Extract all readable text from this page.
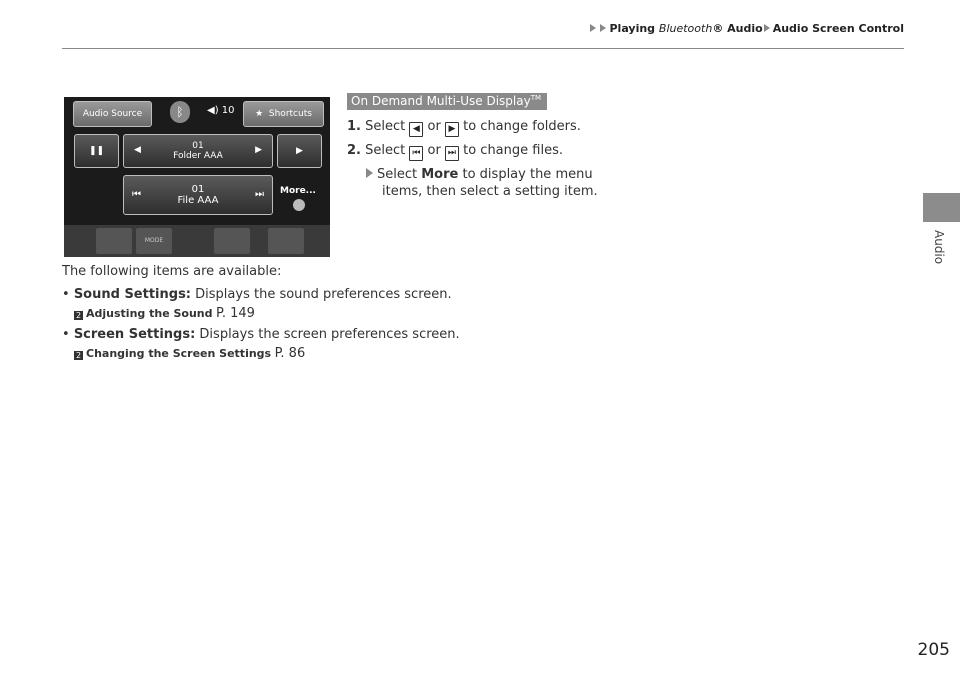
Playing Bluetooth® Audio Audio Screen Control
Audio
205
Audio Source	ᛒ	◀) 10 ★
Shortcuts
❚❚	◀	01
Folder AAA
▶	▶
⏮	01
File AAA
⏭ More...
MODE
On Demand Multi-Use Display™
1. Select ◀ or ▶ to change folders.
2. Select ⏮ or ⏭ to change files.
Select More to display the menu
items, then select a setting item.
The following items are available:
• Sound Settings: Displays the sound preferences screen.
2 Adjusting the Sound P. 149
• Screen Settings: Displays the screen preferences screen.
2 Changing the Screen Settings P. 86
